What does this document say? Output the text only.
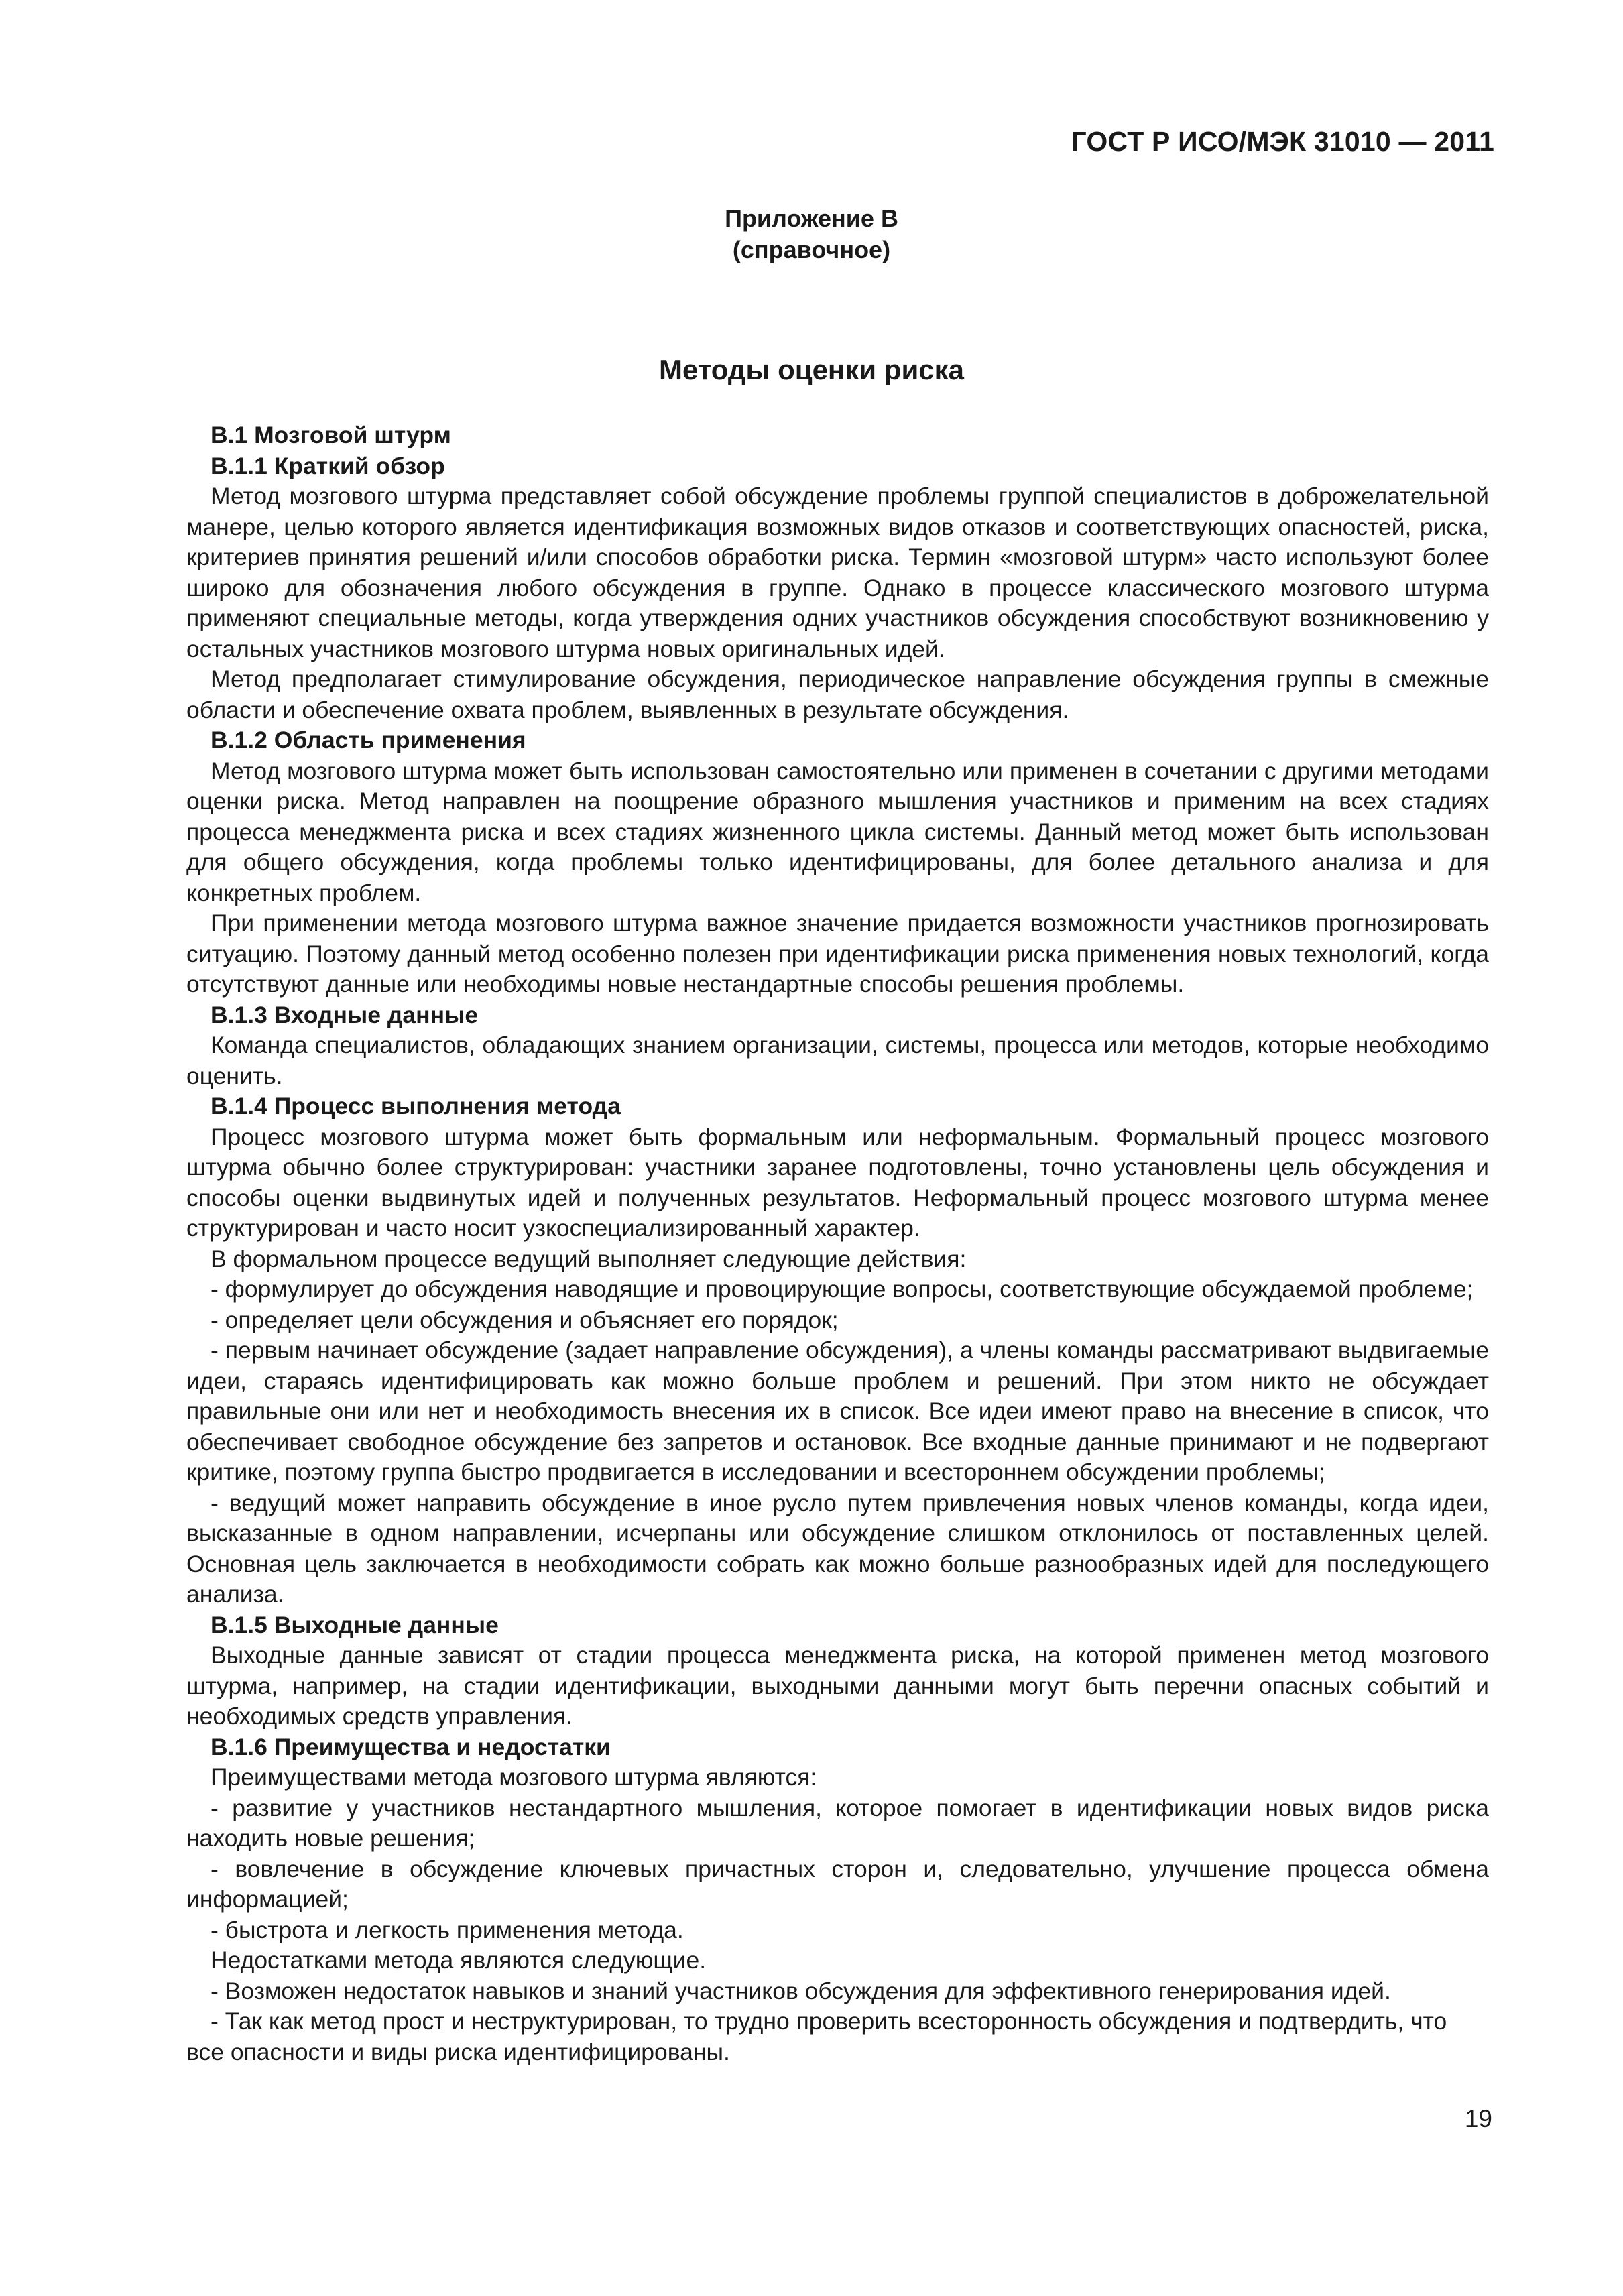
ГОСТ Р ИСО/МЭК 31010 — 2011
Приложение В
(справочное)
Методы оценки риска
В.1 Мозговой штурм
В.1.1 Краткий обзор
Метод мозгового штурма представляет собой обсуждение проблемы группой специалистов в доброжелательной манере, целью которого является идентификация возможных видов отказов и соответствующих опасностей, риска, критериев принятия решений и/или способов обработки риска. Термин «мозговой штурм» часто используют более широко для обозначения любого обсуждения в группе. Однако в процессе классического мозгового штурма применяют специальные методы, когда утверждения одних участников обсуждения способствуют возникновению у остальных участников мозгового штурма новых оригинальных идей.
Метод предполагает стимулирование обсуждения, периодическое направление обсуждения группы в смежные области и обеспечение охвата проблем, выявленных в результате обсуждения.
В.1.2 Область применения
Метод мозгового штурма может быть использован самостоятельно или применен в сочетании с другими методами оценки риска. Метод направлен на поощрение образного мышления участников и применим на всех стадиях процесса менеджмента риска и всех стадиях жизненного цикла системы. Данный метод может быть использован для общего обсуждения, когда проблемы только идентифицированы, для более детального анализа и для конкретных проблем.
При применении метода мозгового штурма важное значение придается возможности участников прогнозировать ситуацию. Поэтому данный метод особенно полезен при идентификации риска применения новых технологий, когда отсутствуют данные или необходимы новые нестандартные способы решения проблемы.
В.1.3 Входные данные
Команда специалистов, обладающих знанием организации, системы, процесса или методов, которые необходимо оценить.
В.1.4 Процесс выполнения метода
Процесс мозгового штурма может быть формальным или неформальным. Формальный процесс мозгового штурма обычно более структурирован: участники заранее подготовлены, точно установлены цель обсуждения и способы оценки выдвинутых идей и полученных результатов. Неформальный процесс мозгового штурма менее структурирован и часто носит узкоспециализированный характер.
В формальном процессе ведущий выполняет следующие действия:
- формулирует до обсуждения наводящие и провоцирующие вопросы, соответствующие обсуждаемой проблеме;
- определяет цели обсуждения и объясняет его порядок;
- первым начинает обсуждение (задает направление обсуждения), а члены команды рассматривают выдвигаемые идеи, стараясь идентифицировать как можно больше проблем и решений. При этом никто не обсуждает правильные они или нет и необходимость внесения их в список. Все идеи имеют право на внесение в список, что обеспечивает свободное обсуждение без запретов и остановок. Все входные данные принимают и не подвергают критике, поэтому группа быстро продвигается в исследовании и всестороннем обсуждении проблемы;
- ведущий может направить обсуждение в иное русло путем привлечения новых членов команды, когда идеи, высказанные в одном направлении, исчерпаны или обсуждение слишком отклонилось от поставленных целей. Основная цель заключается в необходимости собрать как можно больше разнообразных идей для последующего анализа.
В.1.5 Выходные данные
Выходные данные зависят от стадии процесса менеджмента риска, на которой применен метод мозгового штурма, например, на стадии идентификации, выходными данными могут быть перечни опасных событий и необходимых средств управления.
В.1.6 Преимущества и недостатки
Преимуществами метода мозгового штурма являются:
- развитие у участников нестандартного мышления, которое помогает в идентификации новых видов риска находить новые решения;
- вовлечение в обсуждение ключевых причастных сторон и, следовательно, улучшение процесса обмена информацией;
- быстрота и легкость применения метода.
Недостатками метода являются следующие.
- Возможен недостаток навыков и знаний участников обсуждения для эффективного генерирования идей.
- Так как метод прост и неструктурирован, то трудно проверить всесторонность обсуждения и подтвердить, что все опасности и виды риска идентифицированы.
19
